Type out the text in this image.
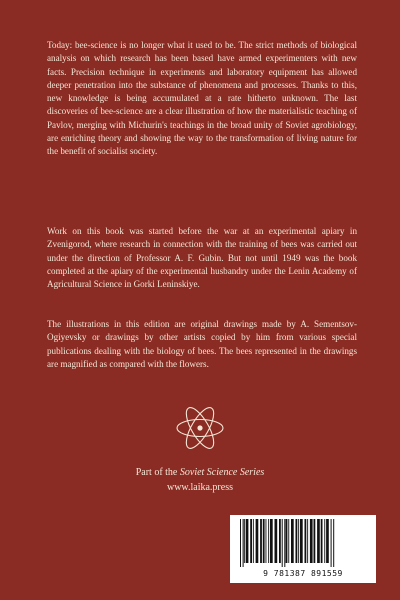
Today: bee-science is no longer what it used to be. The strict methods of biological analysis on which research has been based have armed experimenters with new facts. Precision technique in experiments and laboratory equipment has allowed deeper penetration into the substance of phenomena and processes. Thanks to this, new knowledge is being accumulated at a rate hitherto unknown. The last discoveries of bee-science are a clear illustration of how the materialistic teaching of Pavlov, merging with Michurin's teachings in the broad unity of Soviet agrobiology, are enriching theory and showing the way to the transformation of living nature for the benefit of socialist society.

Work on this book was started before the war at an experimental apiary in Zvenigorod, where research in connection with the training of bees was carried out under the direction of Professor A. F. Gubin. But not until 1949 was the book completed at the apiary of the experimental husbandry under the Lenin Academy of Agricultural Science in Gorki Leninskiye.

The illustrations in this edition are original drawings made by A. Sementsov-Ogiyevsky or drawings by other artists copied by him from various special publications dealing with the biology of bees. The bees represented in the drawings are magnified as compared with the flowers.

Part of the Soviet Science Series
www.laika.press
9 781387 891559
